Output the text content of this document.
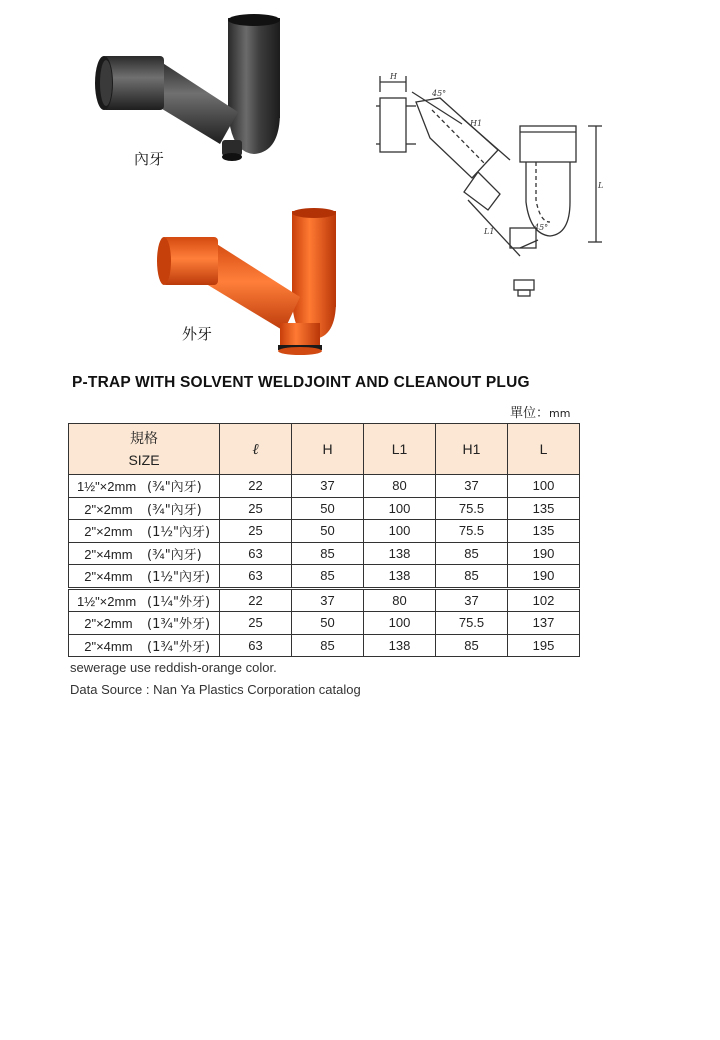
內牙
外牙
H
45°
H1
L
L1	45°
P-TRAP WITH SOLVENT WELDJOINT AND CLEANOUT PLUG
單位：mm
規格
SIZE	ℓ	H	L1	H1	L
1½"×2mm (¾"內牙)	22	37	80	37	100
2"×2mm (¾"內牙)	25	50	100	75.5	135
2"×2mm (1½"內牙)	25	50	100	75.5	135
2"×4mm (¾"內牙)	63	85	138	85	190
2"×4mm (1½"內牙)	63	85	138	85	190
1½"×2mm (1¼"外牙)	22	37	80	37	102
2"×2mm (1¾"外牙)	25	50	100	75.5	137
2"×4mm (1¾"外牙)	63	85	138	85	195
sewerage use reddish-orange color.
Data Source : Nan Ya Plastics Corporation catalog
